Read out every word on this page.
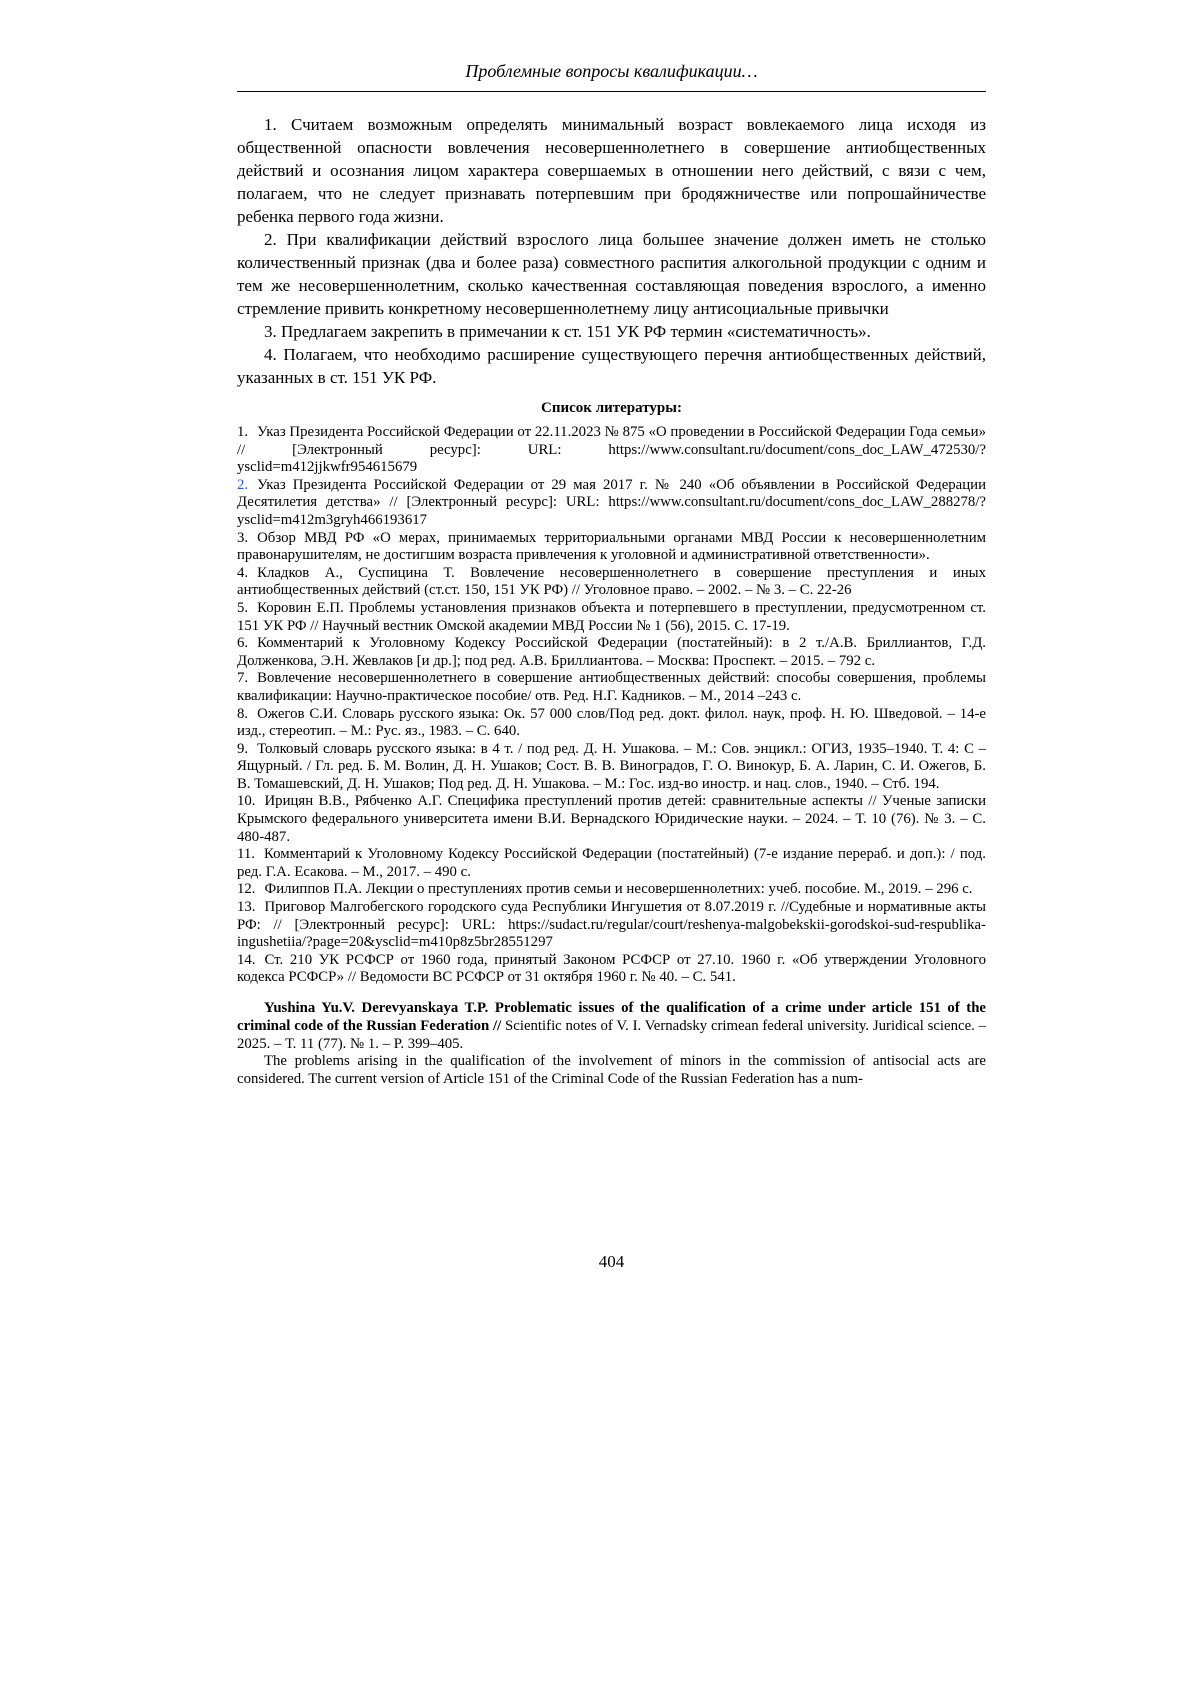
Проблемные вопросы квалификации…

1. Считаем возможным определять минимальный возраст вовлекаемого лица исходя из общественной опасности вовлечения несовершеннолетнего в совершение антиобщественных действий и осознания лицом характера совершаемых в отношении него действий, с вязи с чем, полагаем, что не следует признавать потерпевшим при бродяжничестве или попрошайничестве ребенка первого года жизни.

2. При квалификации действий взрослого лица большее значение должен иметь не столько количественный признак (два и более раза) совместного распития алкогольной продукции с одним и тем же несовершеннолетним, сколько качественная составляющая поведения взрослого, а именно стремление привить конкретному несовершеннолетнему лицу антисоциальные привычки

3. Предлагаем закрепить в примечании к ст. 151 УК РФ термин «систематичность».

4. Полагаем, что необходимо расширение существующего перечня антиобщественных действий, указанных в ст. 151 УК РФ.

Список литературы:

1. Указ Президента Российской Федерации от 22.11.2023 № 875 «О проведении в Российской Федерации Года семьи» // [Электронный ресурс]: URL: https://www.consultant.ru/document/cons_doc_LAW_472530/?ysclid=m412jjkwfr954615679

2. Указ Президента Российской Федерации от 29 мая 2017 г. № 240 «Об объявлении в Российской Федерации Десятилетия детства» // [Электронный ресурс]: URL: https://www.consultant.ru/document/cons_doc_LAW_288278/?ysclid=m412m3gryh466193617

3. Обзор МВД РФ «О мерах, принимаемых территориальными органами МВД России к несовершеннолетним правонарушителям, не достигшим возраста привлечения к уголовной и административной ответственности».

4. Кладков А., Суспицина Т. Вовлечение несовершеннолетнего в совершение преступления и иных антиобщественных действий (ст.ст. 150, 151 УК РФ) // Уголовное право. – 2002. – № 3. – С. 22-26

5. Коровин Е.П. Проблемы установления признаков объекта и потерпевшего в преступлении, предусмотренном ст. 151 УК РФ // Научный вестник Омской академии МВД России № 1 (56), 2015. С. 17-19.

6. Комментарий к Уголовному Кодексу Российской Федерации (постатейный): в 2 т./А.В. Бриллиантов, Г.Д. Долженкова, Э.Н. Жевлаков [и др.]; под ред. А.В. Бриллиантова. – Москва: Проспект. – 2015. – 792 с.

7. Вовлечение несовершеннолетнего в совершение антиобщественных действий: способы совершения, проблемы квалификации: Научно-практическое пособие/ отв. Ред. Н.Г. Кадников. – М., 2014 –243 с.

8. Ожегов С.И. Словарь русского языка: Ок. 57 000 слов/Под ред. докт. филол. наук, проф. Н. Ю. Шведовой. – 14-е изд., стереотип. – М.: Рус. яз., 1983. – С. 640.

9. Толковый словарь русского языка: в 4 т. / под ред. Д. Н. Ушакова. – М.: Сов. энцикл.: ОГИЗ, 1935–1940. Т. 4: С – Ящурный. / Гл. ред. Б. М. Волин, Д. Н. Ушаков; Сост. В. В. Виноградов, Г. О. Винокур, Б. А. Ларин, С. И. Ожегов, Б. В. Томашевский, Д. Н. Ушаков; Под ред. Д. Н. Ушакова. – М.: Гос. изд-во иностр. и нац. слов., 1940. – Стб. 194.

10. Ирицян В.В., Рябченко А.Г. Специфика преступлений против детей: сравнительные аспекты // Ученые записки Крымского федерального университета имени В.И. Вернадского Юридические науки. – 2024. – Т. 10 (76). № 3. – С. 480-487.

11. Комментарий к Уголовному Кодексу Российской Федерации (постатейный) (7-е издание перераб. и доп.): / под. ред. Г.А. Есакова. – М., 2017. – 490 с.

12. Филиппов П.А. Лекции о преступлениях против семьи и несовершеннолетних: учеб. пособие. М., 2019. – 296 с.

13. Приговор Малгобегского городского суда Республики Ингушетия от 8.07.2019 г. //Судебные и нормативные акты РФ: // [Электронный ресурс]: URL: https://sudact.ru/regular/court/reshenya-malgobekskii-gorodskoi-sud-respublika-ingushetiia/?page=20&ysclid=m410p8z5br28551297

14. Ст. 210 УК РСФСР от 1960 года, принятый Законом РСФСР от 27.10. 1960 г. «Об утверждении Уголовного кодекса РСФСР» // Ведомости ВС РСФСР от 31 октября 1960 г. № 40. – С. 541.

Yushina Yu.V. Derevyanskaya T.P. Problematic issues of the qualification of a crime under article 151 of the criminal code of the Russian Federation // Scientific notes of V. I. Vernadsky crimean federal university. Juridical science. – 2025. – Т. 11 (77). № 1. – P. 399–405.

The problems arising in the qualification of the involvement of minors in the commission of antisocial acts are considered. The current version of Article 151 of the Criminal Code of the Russian Federation has a num-

404
